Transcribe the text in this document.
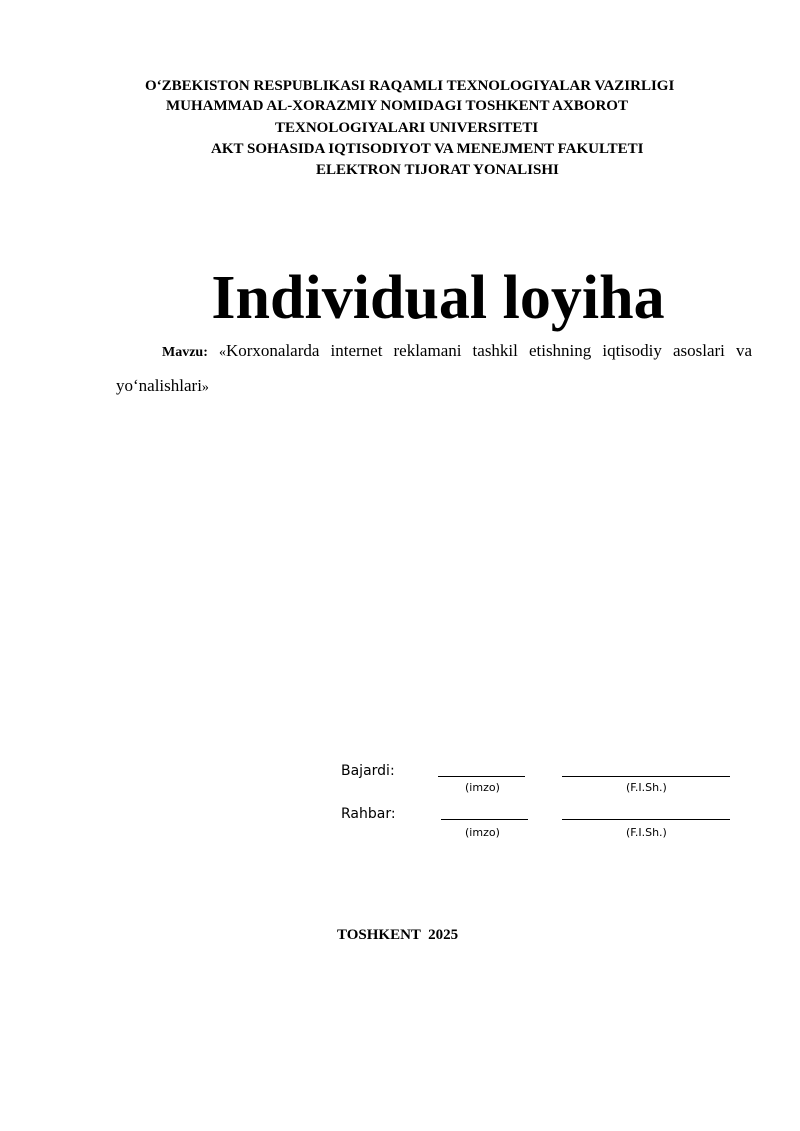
O‘ZBEKISTON RESPUBLIKASI RAQAMLI TEXNOLOGIYALAR VAZIRLIGI
MUHAMMAD AL-XORAZMIY NOMIDAGI TOSHKENT AXBOROT
TEXNOLOGIYALARI UNIVERSITETI
AKT SOHASIDA IQTISODIYOT VA MENEJMENT FAKULTETI
ELEKTRON TIJORAT YONALISHI
Individual loyiha
Mavzu: «Korxonalarda internet reklamani tashkil etishning iqtisodiy asoslari va yo‘nalishlari»
Bajardi:
(imzo)	(F.I.Sh.)
Rahbar:
(imzo)	(F.I.Sh.)
TOSHKENT  2025
